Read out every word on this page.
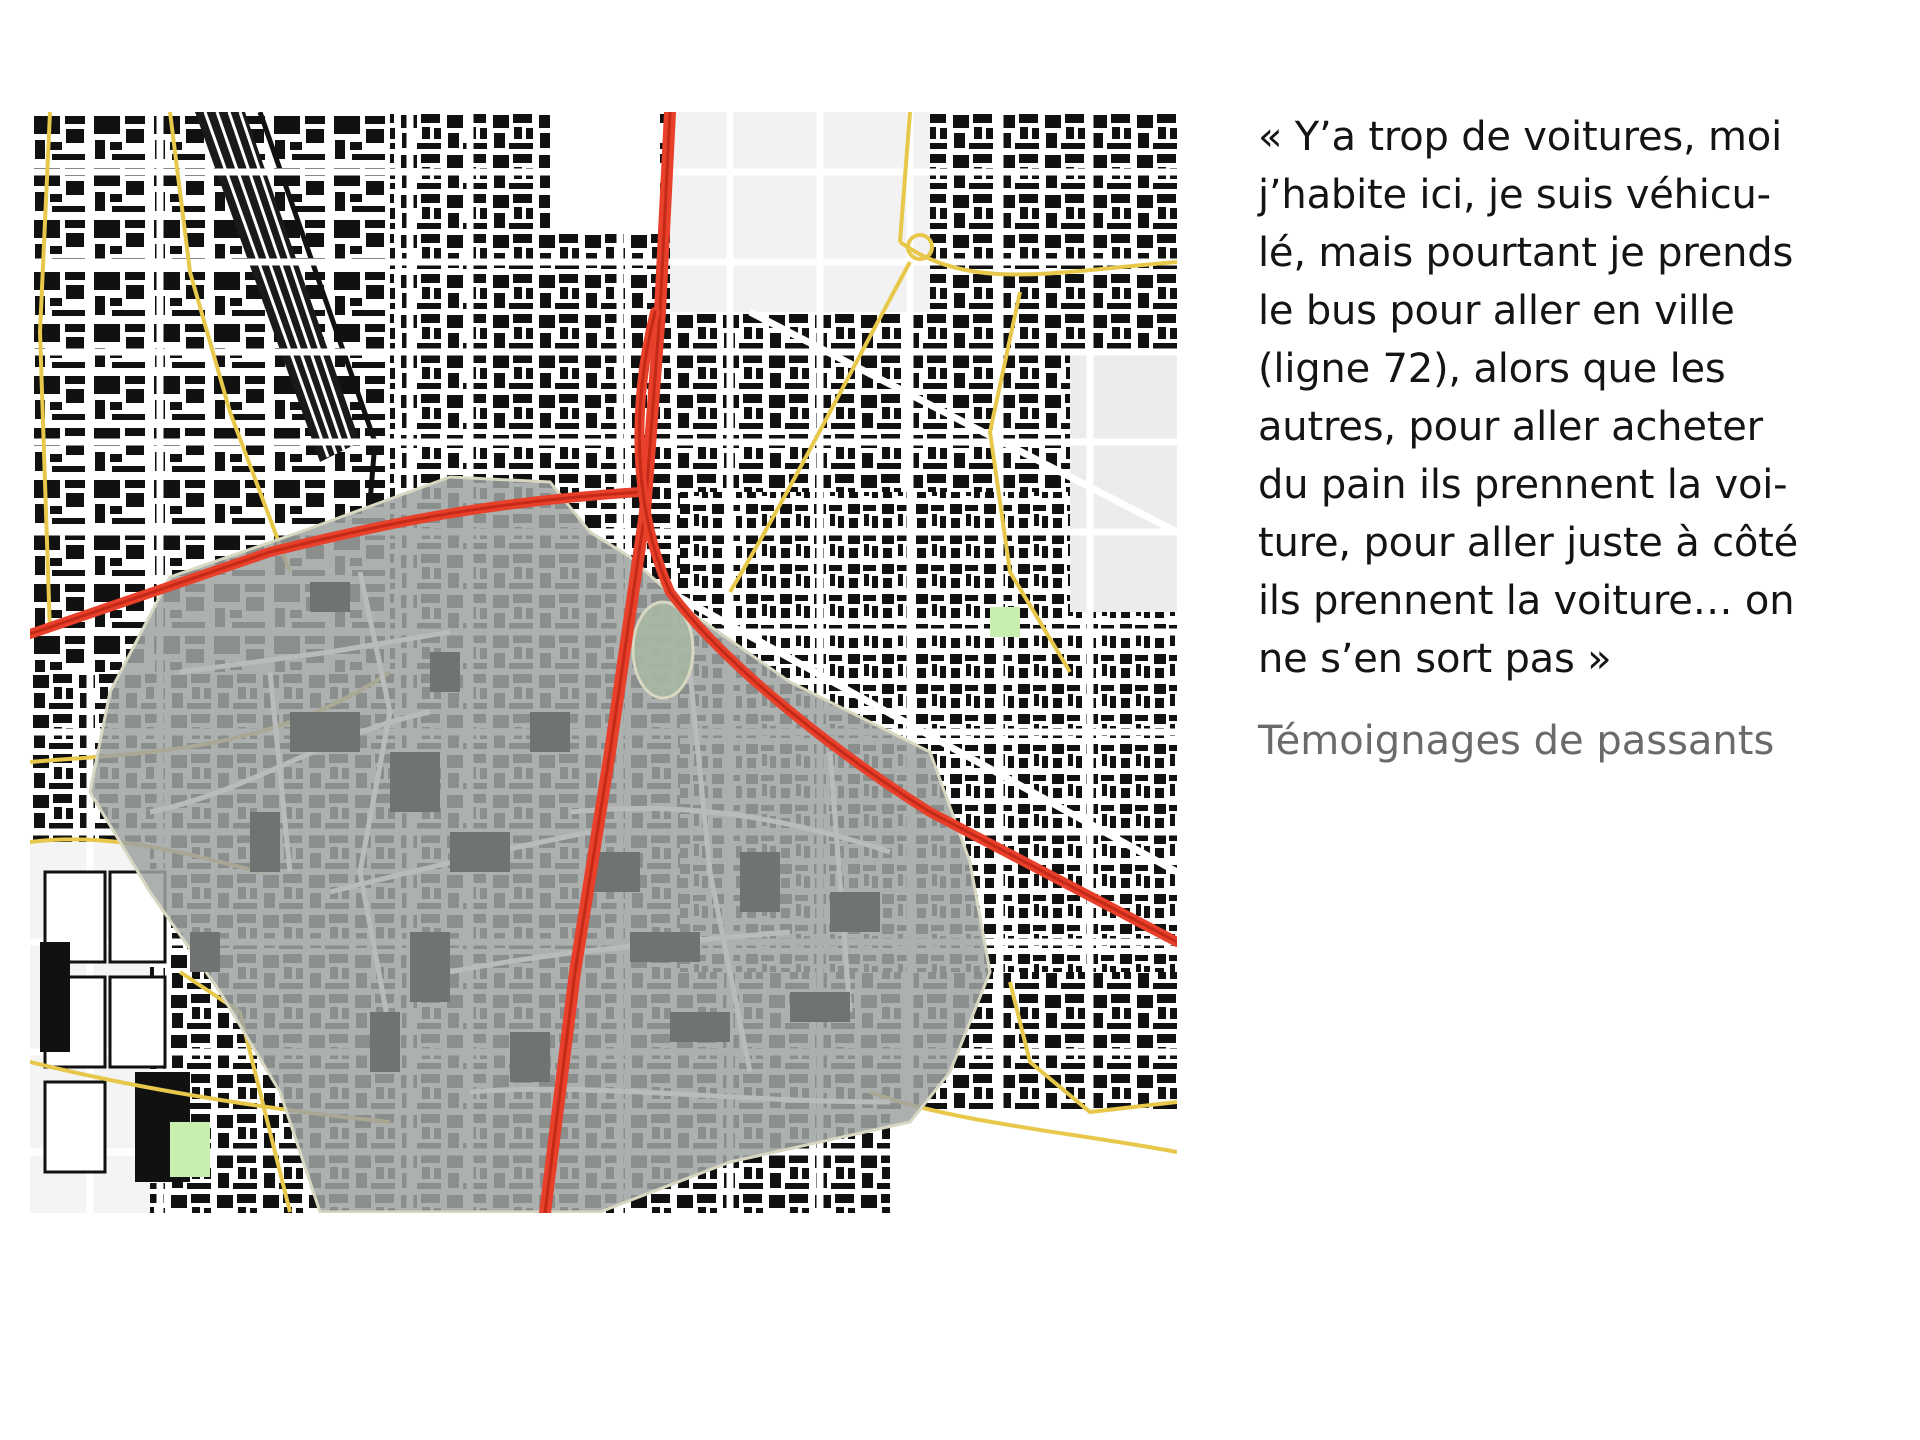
« Y’a trop de voitures, moi
j’habite ici, je suis véhicu-
lé, mais pourtant je prends
le bus pour aller en ville
(ligne 72), alors que les
autres, pour aller acheter
du pain ils prennent la voi-
ture, pour aller juste à côté
ils prennent la voiture… on
ne s’en sort pas »

Témoignages de passants
